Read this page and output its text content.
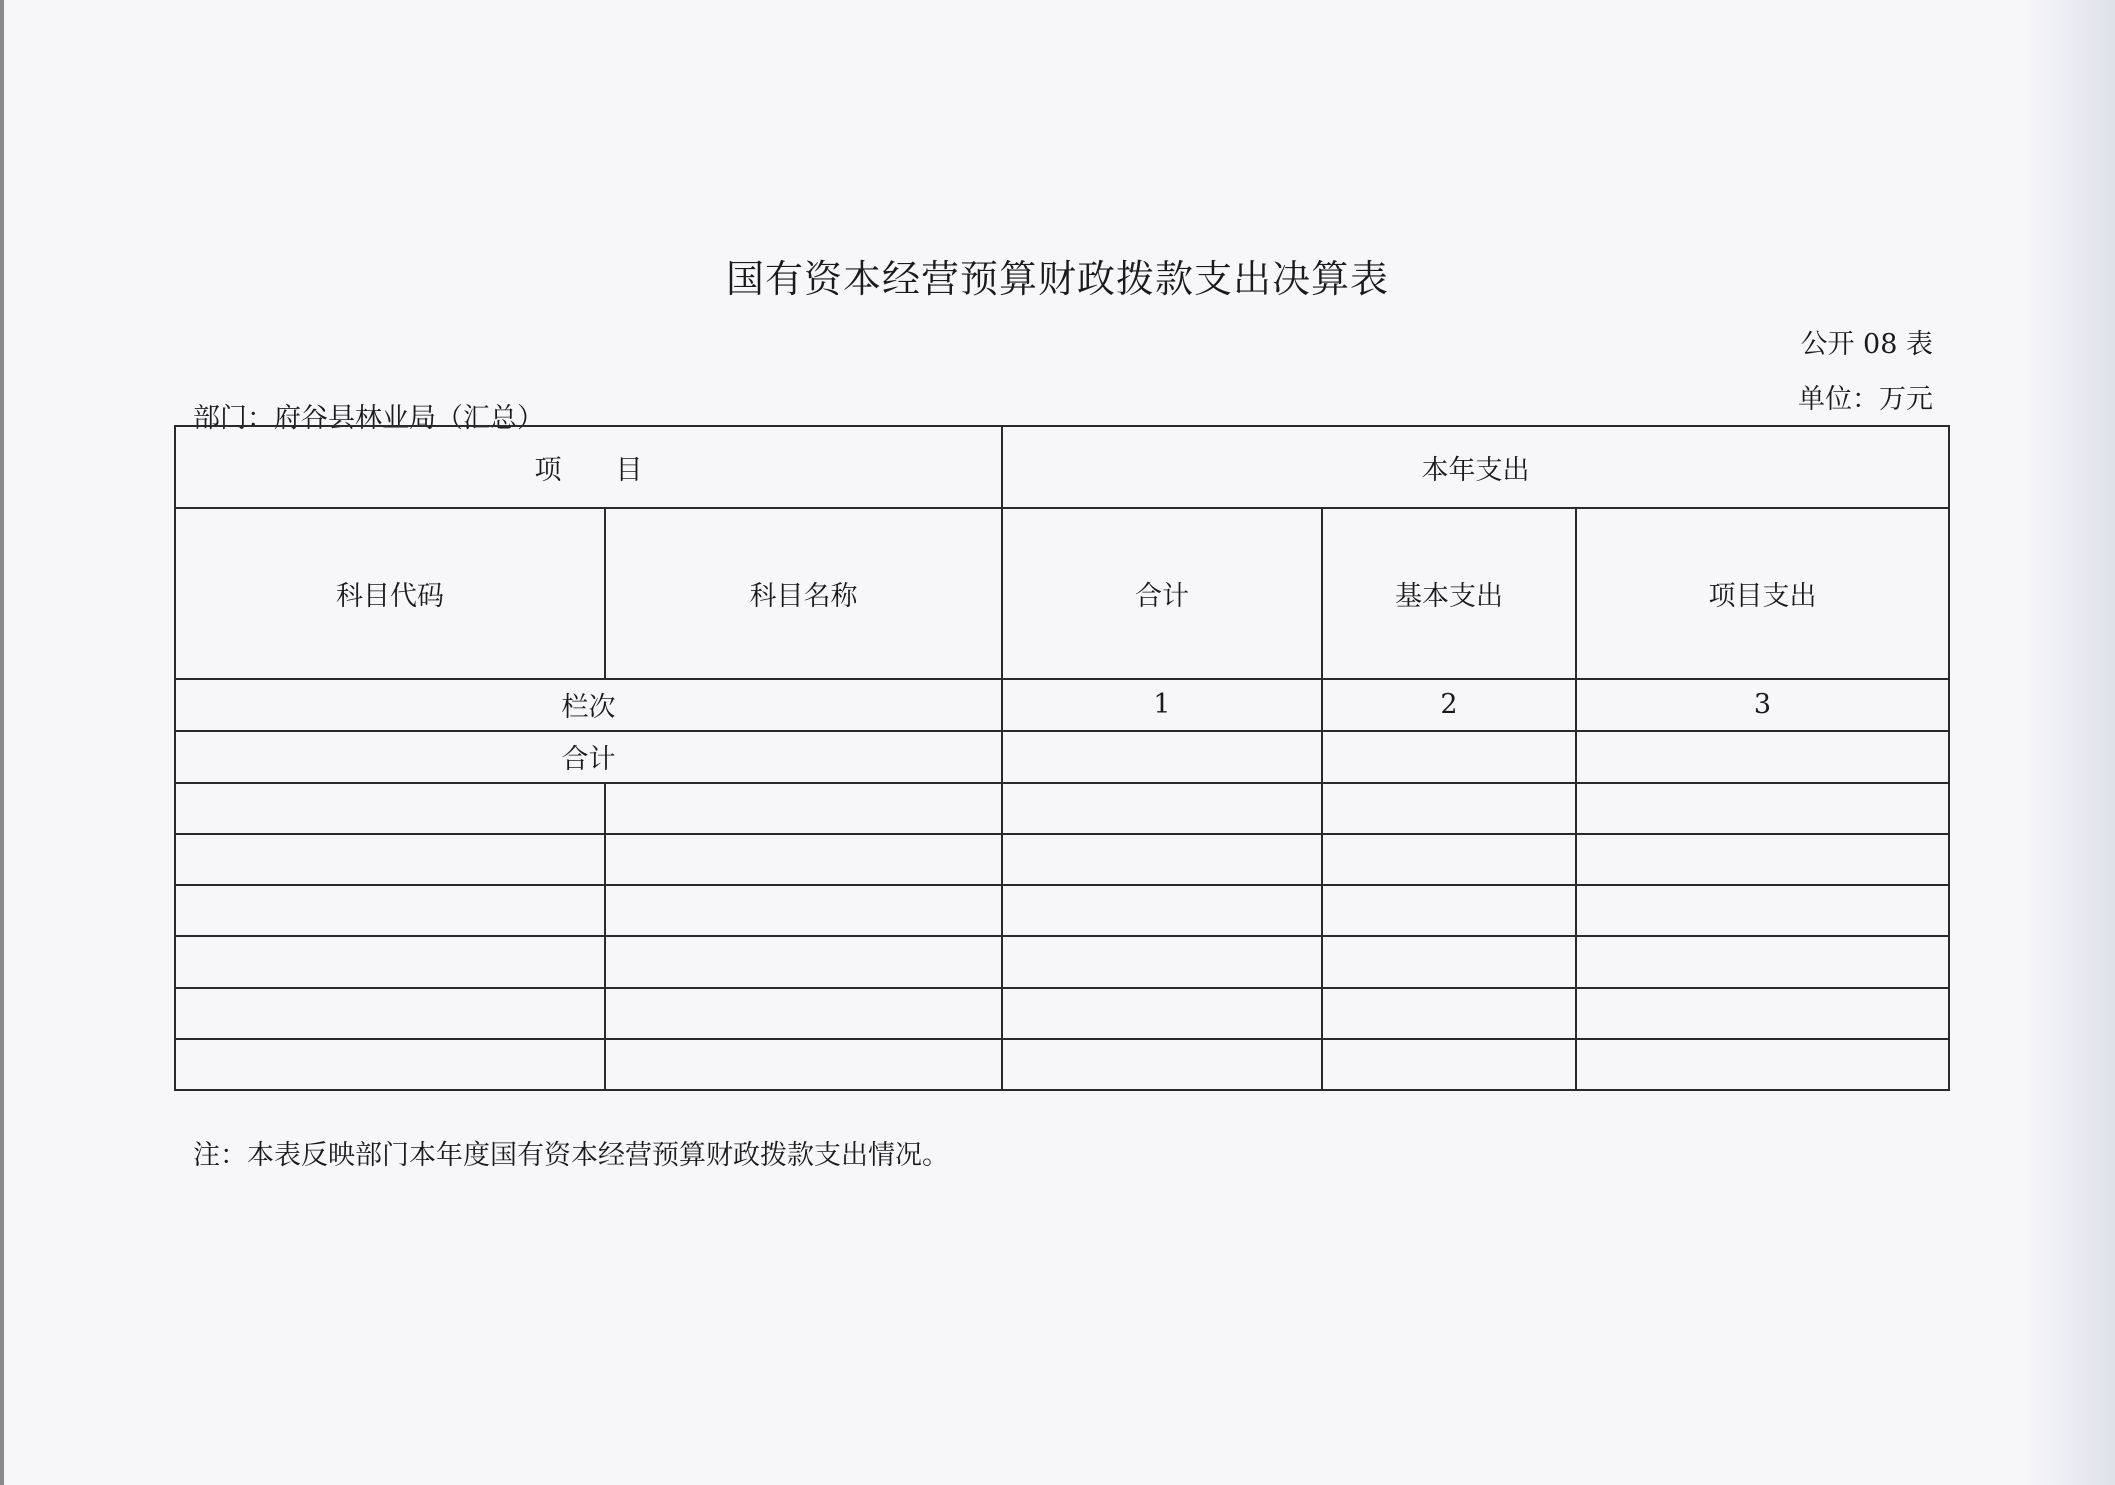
国有资本经营预算财政拨款支出决算表
公开 08 表
单位：万元
部门：府谷县林业局（汇总）
项　　目		本年支出		
科目代码	科目名称	合计	基本支出	项目支出
栏次		1	2	3
合计				

注：本表反映部门本年度国有资本经营预算财政拨款支出情况。
